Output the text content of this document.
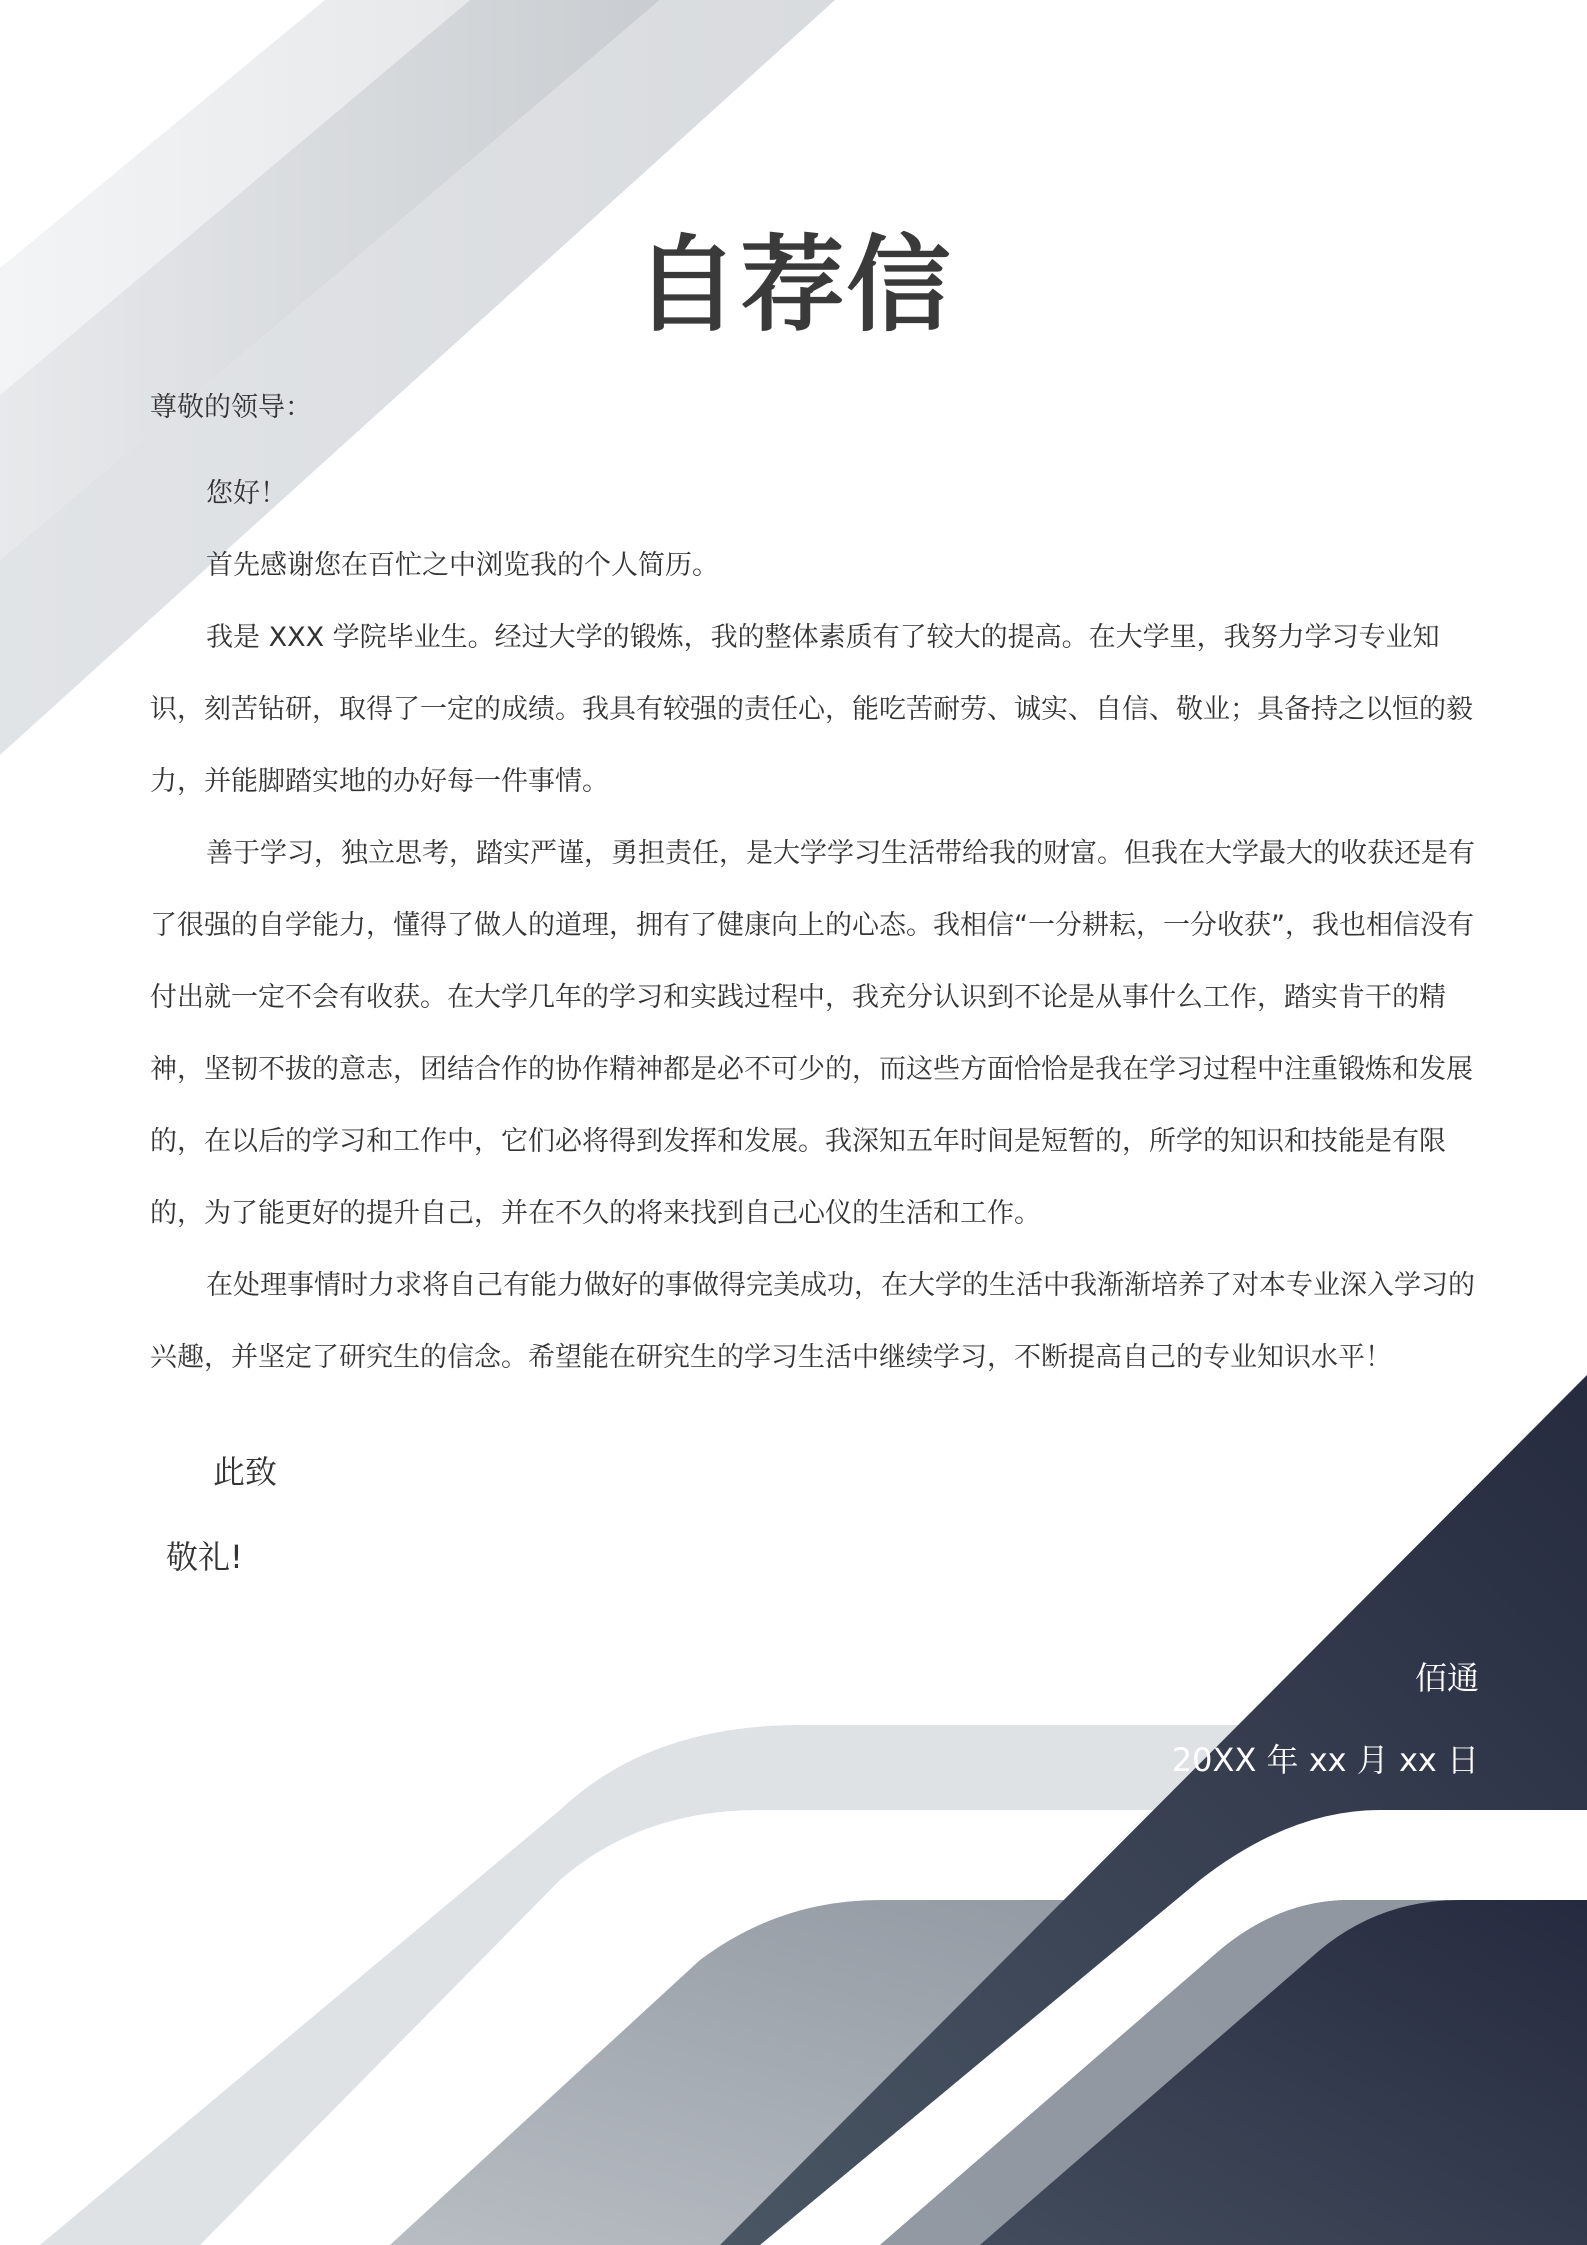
自荐信
尊敬的领导：

您好！

首先感谢您在百忙之中浏览我的个人简历。

我是 XXX 学院毕业生。经过大学的锻炼，我的整体素质有了较大的提高。在大学里，我努力学习专业知识，刻苦钻研，取得了一定的成绩。我具有较强的责任心，能吃苦耐劳、诚实、自信、敬业；具备持之以恒的毅力，并能脚踏实地的办好每一件事情。

善于学习，独立思考，踏实严谨，勇担责任，是大学学习生活带给我的财富。但我在大学最大的收获还是有了很强的自学能力，懂得了做人的道理，拥有了健康向上的心态。我相信“一分耕耘，一分收获”，我也相信没有付出就一定不会有收获。在大学几年的学习和实践过程中，我充分认识到不论是从事什么工作，踏实肯干的精神，坚韧不拔的意志，团结合作的协作精神都是必不可少的，而这些方面恰恰是我在学习过程中注重锻炼和发展的，在以后的学习和工作中，它们必将得到发挥和发展。我深知五年时间是短暂的，所学的知识和技能是有限的，为了能更好的提升自己，并在不久的将来找到自己心仪的生活和工作。

在处理事情时力求将自己有能力做好的事做得完美成功，在大学的生活中我渐渐培养了对本专业深入学习的兴趣，并坚定了研究生的信念。希望能在研究生的学习生活中继续学习，不断提高自己的专业知识水平！

此致
敬礼!
佰通
20XX 年 xx 月 xx 日
